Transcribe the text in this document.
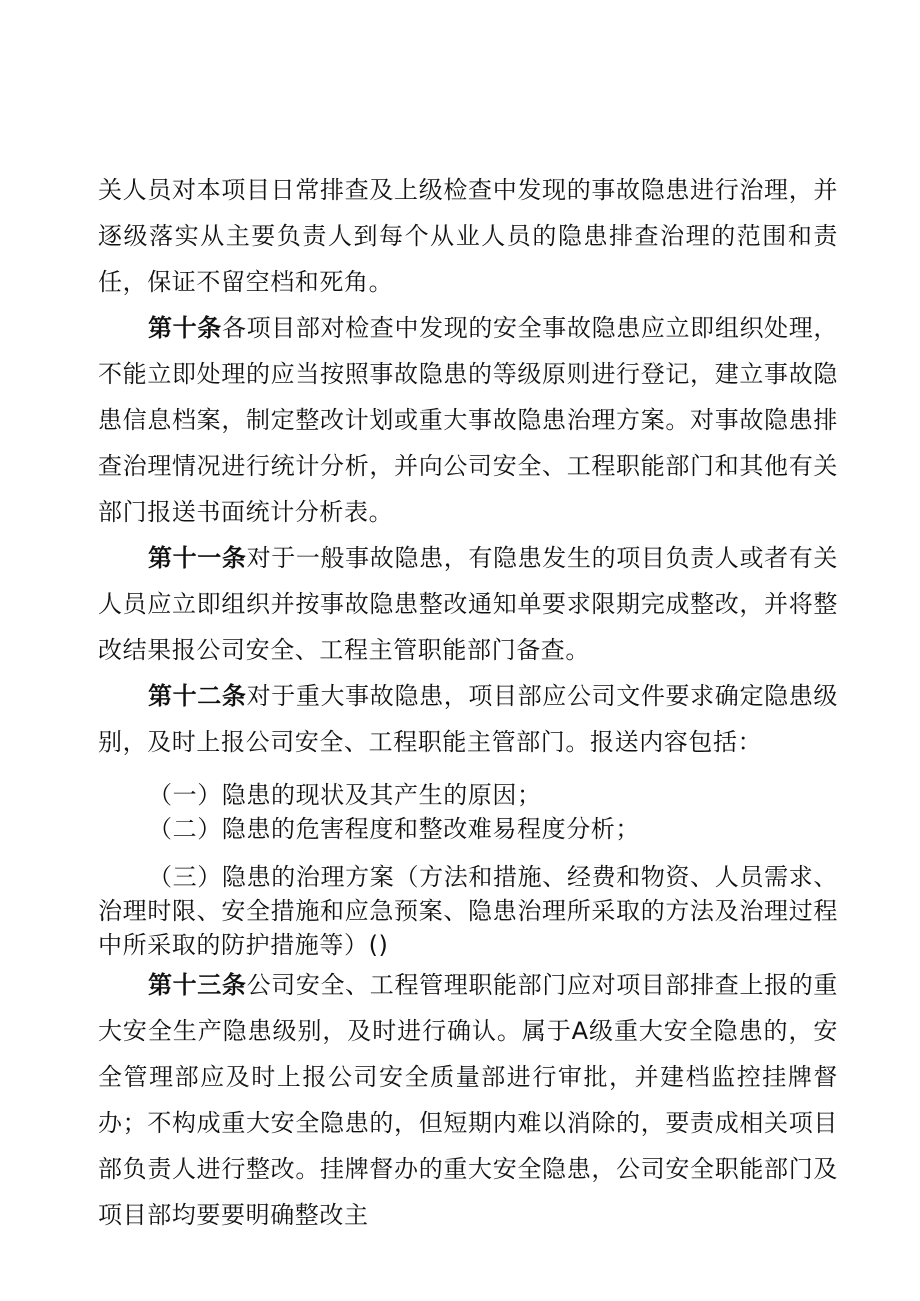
关人员对本项目日常排查及上级检查中发现的事故隐患进行治理，并逐级落实从主要负责人到每个从业人员的隐患排查治理的范围和责任，保证不留空档和死角。

第十条各项目部对检查中发现的安全事故隐患应立即组织处理，不能立即处理的应当按照事故隐患的等级原则进行登记，建立事故隐患信息档案，制定整改计划或重大事故隐患治理方案。对事故隐患排查治理情况进行统计分析，并向公司安全、工程职能部门和其他有关部门报送书面统计分析表。

第十一条对于一般事故隐患，有隐患发生的项目负责人或者有关人员应立即组织并按事故隐患整改通知单要求限期完成整改，并将整改结果报公司安全、工程主管职能部门备查。

第十二条对于重大事故隐患，项目部应公司文件要求确定隐患级别，及时上报公司安全、工程职能主管部门。报送内容包括：

（一）隐患的现状及其产生的原因；

（二）隐患的危害程度和整改难易程度分析；

（三）隐患的治理方案（方法和措施、经费和物资、人员需求、治理时限、安全措施和应急预案、隐患治理所采取的方法及治理过程中所采取的防护措施等）()

第十三条公司安全、工程管理职能部门应对项目部排查上报的重大安全生产隐患级别，及时进行确认。属于A级重大安全隐患的，安全管理部应及时上报公司安全质量部进行审批，并建档监控挂牌督办；不构成重大安全隐患的，但短期内难以消除的，要责成相关项目部负责人进行整改。挂牌督办的重大安全隐患，公司安全职能部门及项目部均要要明确整改主
